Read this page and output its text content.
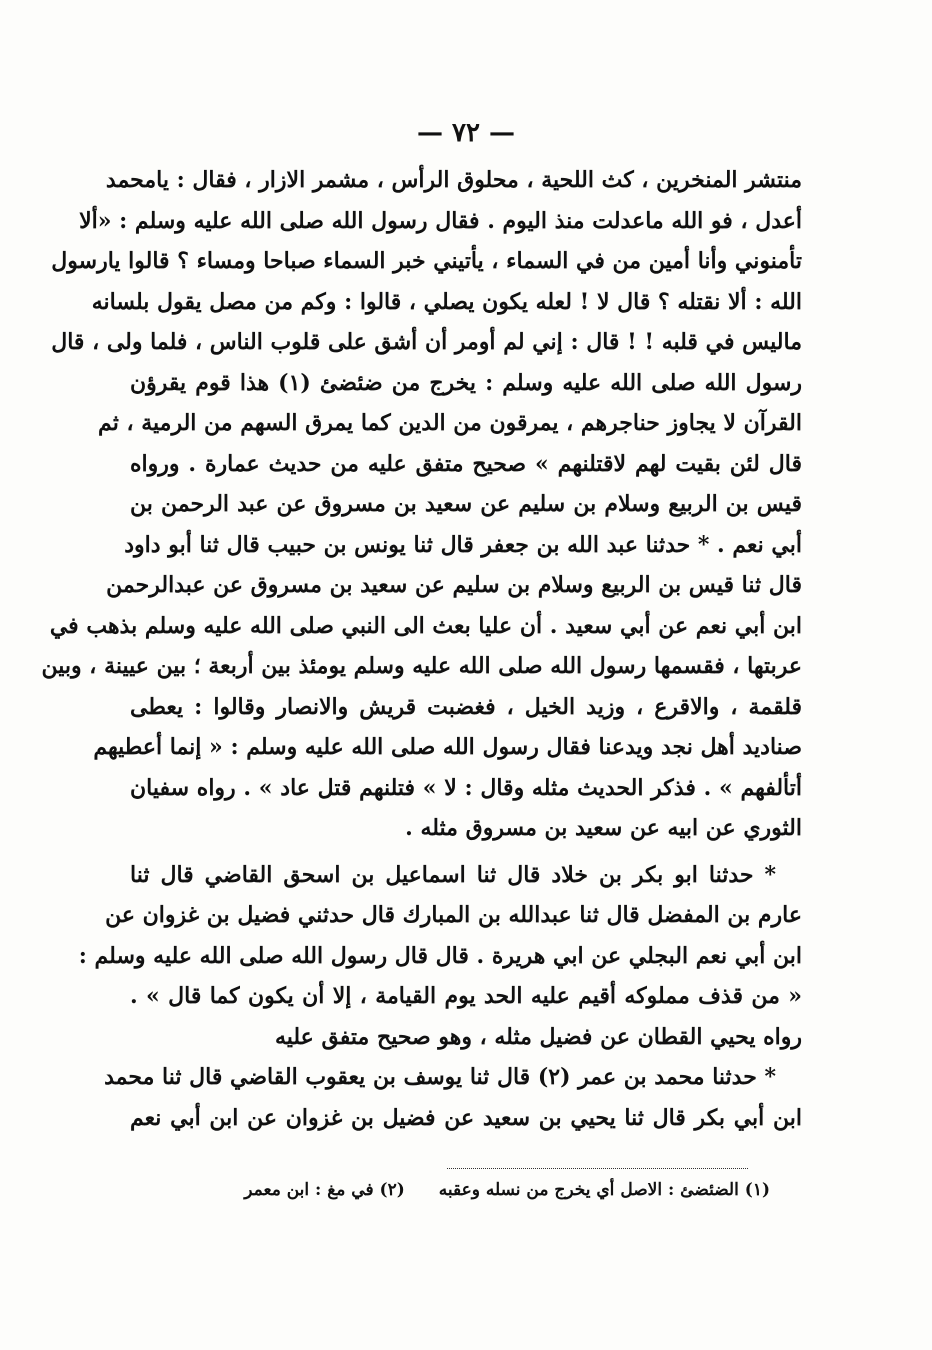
— ٧٢ —
منتشر المنخرين ، كث اللحية ، محلوق الرأس ، مشمر الازار ، فقال : يامحمد
أعدل ، فو الله ماعدلت منذ اليوم . فقال رسول الله صلى الله عليه وسلم : «ألا
تأمنوني وأنا أمين من في السماء ، يأتيني خبر السماء صباحا ومساء ؟ قالوا يارسول
الله : ألا نقتله ؟ قال لا ! لعله يكون يصلي ، قالوا : وكم من مصل يقول بلسانه
ماليس في قلبه ! ! قال : إني لم أومر أن أشق على قلوب الناس ، فلما ولى ، قال
رسول الله صلى الله عليه وسلم : يخرج من ضئضئ (١) هذا قوم يقرؤن
القرآن لا يجاوز حناجرهم ، يمرقون من الدين كما يمرق السهم من الرمية ، ثم
قال لئن بقيت لهم لاقتلنهم » صحيح متفق عليه من حديث عمارة . ورواه
قيس بن الربيع وسلام بن سليم عن سعيد بن مسروق عن عبد الرحمن بن
أبي نعم . * حدثنا عبد الله بن جعفر قال ثنا يونس بن حبيب قال ثنا أبو داود
قال ثنا قيس بن الربيع وسلام بن سليم عن سعيد بن مسروق عن عبدالرحمن
ابن أبي نعم عن أبي سعيد . أن عليا بعث الى النبي صلى الله عليه وسلم بذهب في
عربتها ، فقسمها رسول الله صلى الله عليه وسلم يومئذ بين أربعة ؛ بين عيينة ، وبين
قلقمة ، والاقرع ، وزيد الخيل ، فغضبت قريش والانصار وقالوا : يعطى
صناديد أهل نجد ويدعنا فقال رسول الله صلى الله عليه وسلم : « إنما أعطيهم
أتألفهم » . فذكر الحديث مثله وقال : لا » فتلنهم قتل عاد » . رواه سفيان
الثوري عن ابيه عن سعيد بن مسروق مثله .
* حدثنا ابو بكر بن خلاد قال ثنا اسماعيل بن اسحق القاضي قال ثنا
عارم بن المفضل قال ثنا عبدالله بن المبارك قال حدثني فضيل بن غزوان عن
ابن أبي نعم البجلي عن ابي هريرة . قال قال رسول الله صلى الله عليه وسلم :
« من قذف مملوكه أقيم عليه الحد يوم القيامة ، إلا أن يكون كما قال » .
رواه يحيي القطان عن فضيل مثله ، وهو صحيح متفق عليه
* حدثنا محمد بن عمر (٢) قال ثنا يوسف بن يعقوب القاضي قال ثنا محمد
ابن أبي بكر قال ثنا يحيي بن سعيد عن فضيل بن غزوان عن ابن أبي نعم
(١) الضئضئ : الاصل أي يخرج من نسله وعقبه
(٢) في مغ : ابن معمر
